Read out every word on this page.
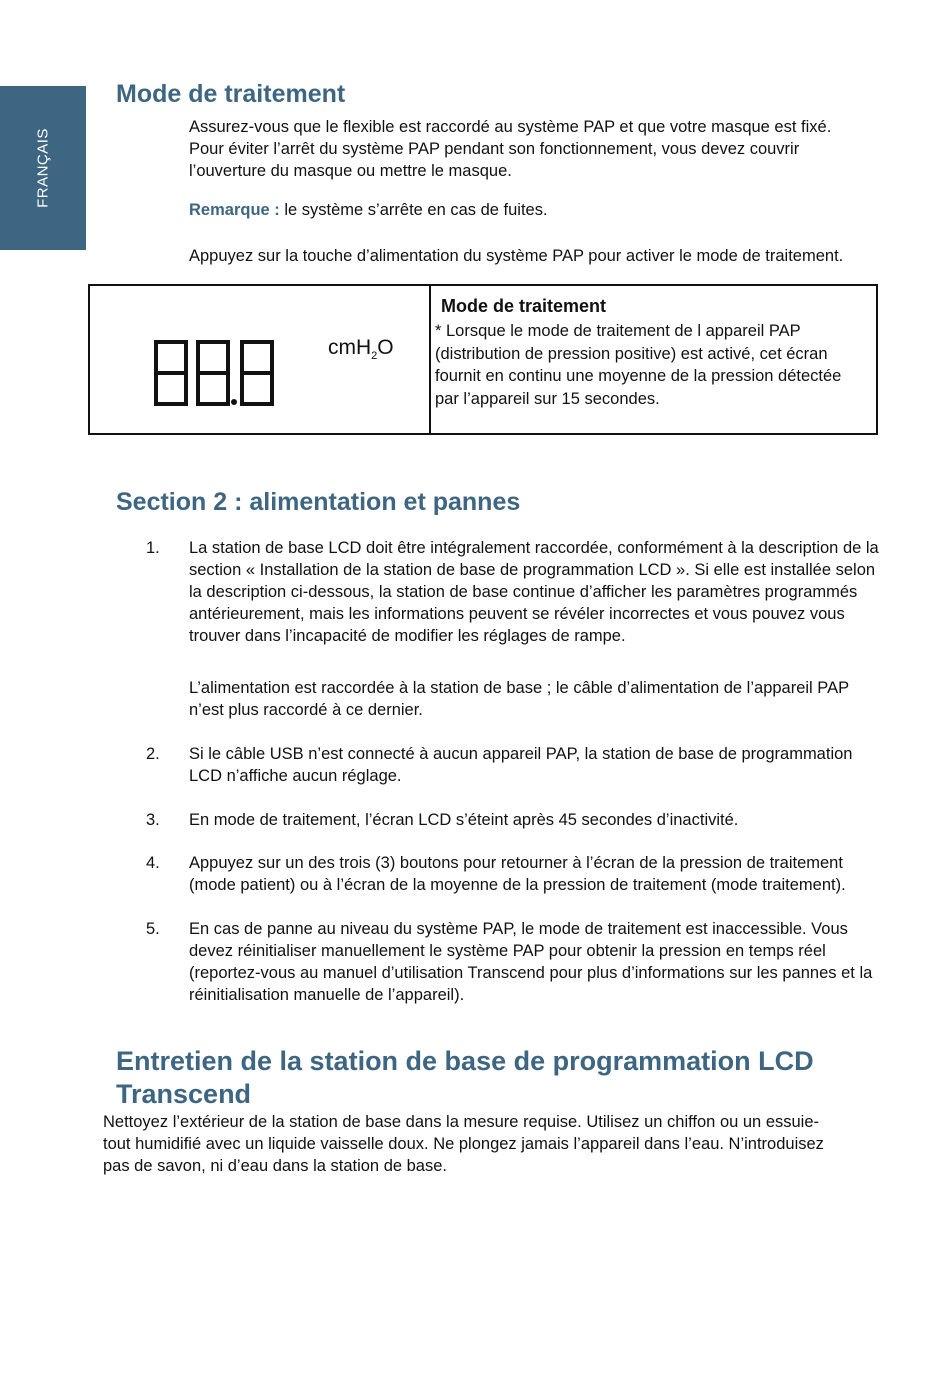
FRANÇAIS
Mode de traitement

Assurez-vous que le flexible est raccordé au système PAP et que votre masque est fixé. Pour éviter l’arrêt du système PAP pendant son fonctionnement, vous devez couvrir l’ouverture du masque ou mettre le masque.

Remarque : le système s’arrête en cas de fuites.

Appuyez sur la touche d’alimentation du système PAP pour activer le mode de traitement.

cmH$_2$O

Mode de traitement

* Lorsque le mode de traitement de l appareil PAP (distribution de pression positive) est activé, cet écran fournit en continu une moyenne de la pression détectée par l’appareil sur 15 secondes.

Section 2 : alimentation et pannes
1. La station de base LCD doit être intégralement raccordée, conformément à la description de la section « Installation de la station de base de programmation LCD ». Si elle est installée selon la description ci-dessous, la station de base continue d’afficher les paramètres programmés antérieurement, mais les informations peuvent se révéler incorrectes et vous pouvez vous trouver dans l’incapacité de modifier les réglages de rampe.

L’alimentation est raccordée à la station de base ; le câble d’alimentation de l’appareil PAP n’est plus raccordé à ce dernier.

2. Si le câble USB n’est connecté à aucun appareil PAP, la station de base de programmation LCD n’affiche aucun réglage.

3. En mode de traitement, l’écran LCD s’éteint après 45 secondes d’inactivité.

4. Appuyez sur un des trois (3) boutons pour retourner à l’écran de la pression de traitement (mode patient) ou à l’écran de la moyenne de la pression de traitement (mode traitement).

5. En cas de panne au niveau du système PAP, le mode de traitement est inaccessible. Vous devez réinitialiser manuellement le système PAP pour obtenir la pression en temps réel (reportez-vous au manuel d’utilisation Transcend pour plus d’informations sur les pannes et la réinitialisation manuelle de l’appareil).

Entretien de la station de base de programmation LCD Transcend

Nettoyez l’extérieur de la station de base dans la mesure requise. Utilisez un chiffon ou un essuie-tout humidifié avec un liquide vaisselle doux. Ne plongez jamais l’appareil dans l’eau. N’introduisez pas de savon, ni d’eau dans la station de base.
